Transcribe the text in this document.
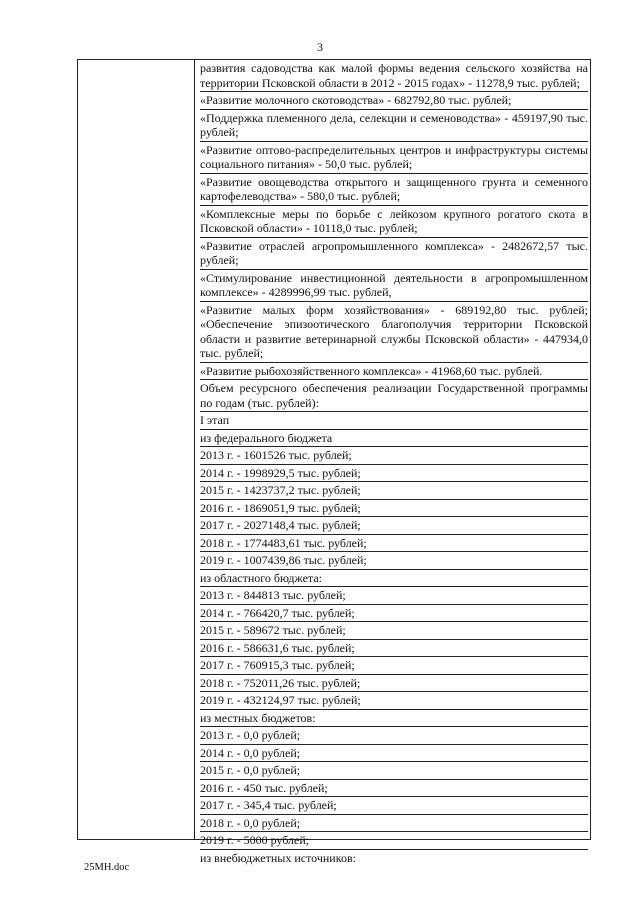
3
развития садоводства как малой формы ведения сельского хозяйства на территории Псковской области в 2012 - 2015 годах» - 11278,9 тыс. рублей;
«Развитие молочного скотоводства» - 682792,80 тыс. рублей;
«Поддержка племенного дела, селекции и семеноводства» - 459197,90 тыс. рублей;
«Развитие оптово-распределительных центров и инфраструктуры системы социального питания» - 50,0 тыс. рублей;
«Развитие овощеводства открытого и защищенного грунта и семенного картофелеводства» - 580,0 тыс. рублей;
«Комплексные меры по борьбе с лейкозом крупного рогатого скота в Псковской области» - 10118,0 тыс. рублей;
«Развитие отраслей агропромышленного комплекса» - 2482672,57 тыс. рублей;
«Стимулирование инвестиционной деятельности в агропромышленном комплексе» - 4289996,99 тыс. рублей,
«Развитие малых форм хозяйствования» - 689192,80 тыс. рублей; «Обеспечение эпизоотического благополучия территории Псковской области и развитие ветеринарной службы Псковской области» - 447934,0 тыс. рублей;
«Развитие рыбохозяйственного комплекса» - 41968,60 тыс. рублей.
Объем ресурсного обеспечения реализации Государственной программы по годам (тыс. рублей):
I этап
из федерального бюджета
2013 г. - 1601526 тыс. рублей;
2014 г. - 1998929,5 тыс. рублей;
2015 г. - 1423737,2 тыс. рублей;
2016 г. - 1869051,9 тыс. рублей;
2017 г. - 2027148,4 тыс. рублей;
2018 г. - 1774483,61 тыс. рублей;
2019 г. - 1007439,86 тыс. рублей;
из областного бюджета:
2013 г. - 844813 тыс. рублей;
2014 г. - 766420,7 тыс. рублей;
2015 г. - 589672 тыс. рублей;
2016 г. - 586631,6 тыс. рублей;
2017 г. - 760915,3 тыс. рублей;
2018 г. - 752011,26 тыс. рублей;
2019 г. - 432124,97 тыс. рублей;
из местных бюджетов:
2013 г. - 0,0 рублей;
2014 г. - 0,0 рублей;
2015 г. - 0,0 рублей;
2016 г. - 450 тыс. рублей;
2017 г. - 345,4 тыс. рублей;
2018 г. - 0,0 рублей;
2019 г. - 5000 рублей;
из внебюджетных источников:
25МН.doc
